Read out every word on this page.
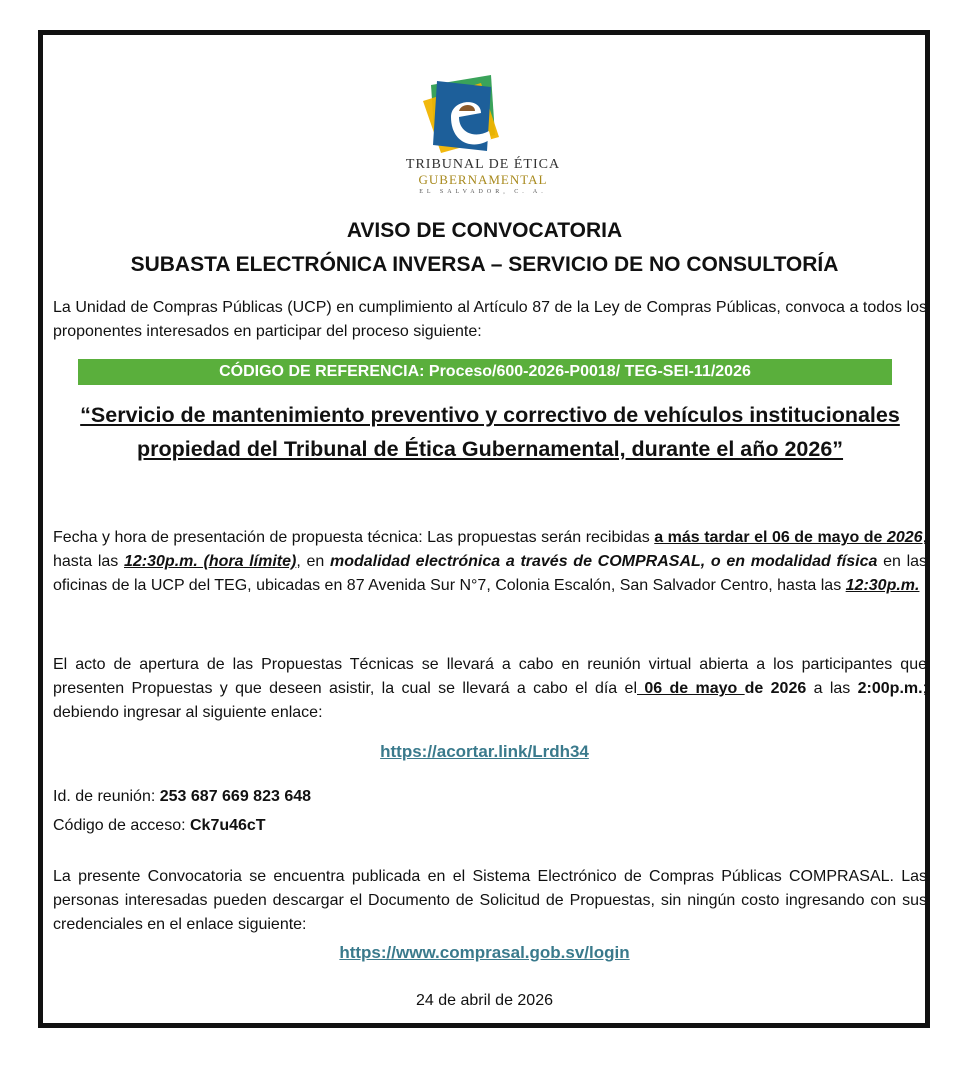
TRIBUNAL DE ÉTICA
GUBERNAMENTAL
EL SALVADOR, C. A.
AVISO DE CONVOCATORIA
SUBASTA ELECTRÓNICA INVERSA – SERVICIO DE NO CONSULTORÍA
La Unidad de Compras Públicas (UCP) en cumplimiento al Artículo 87 de la Ley de Compras Públicas, convoca a todos los proponentes interesados en participar del proceso siguiente:
CÓDIGO DE REFERENCIA: Proceso/600-2026-P0018/ TEG-SEI-11/2026
“Servicio de mantenimiento preventivo y correctivo de vehículos institucionales propiedad del Tribunal de Ética Gubernamental, durante el año 2026”
Fecha y hora de presentación de propuesta técnica: Las propuestas serán recibidas a más tardar el 06 de mayo de 2026, hasta las 12:30p.m. (hora límite), en modalidad electrónica a través de COMPRASAL, o en modalidad física en las oficinas de la UCP del TEG, ubicadas en 87 Avenida Sur N°7, Colonia Escalón, San Salvador Centro, hasta las 12:30p.m.
El acto de apertura de las Propuestas Técnicas se llevará a cabo en reunión virtual abierta a los participantes que presenten Propuestas y que deseen asistir, la cual se llevará a cabo el día el 06 de mayo de 2026 a las 2:00p.m.; debiendo ingresar al siguiente enlace:
https://acortar.link/Lrdh34
Id. de reunión: 253 687 669 823 648
Código de acceso: Ck7u46cT
La presente Convocatoria se encuentra publicada en el Sistema Electrónico de Compras Públicas COMPRASAL. Las personas interesadas pueden descargar el Documento de Solicitud de Propuestas, sin ningún costo ingresando con sus credenciales en el enlace siguiente:
https://www.comprasal.gob.sv/login
24 de abril de 2026
